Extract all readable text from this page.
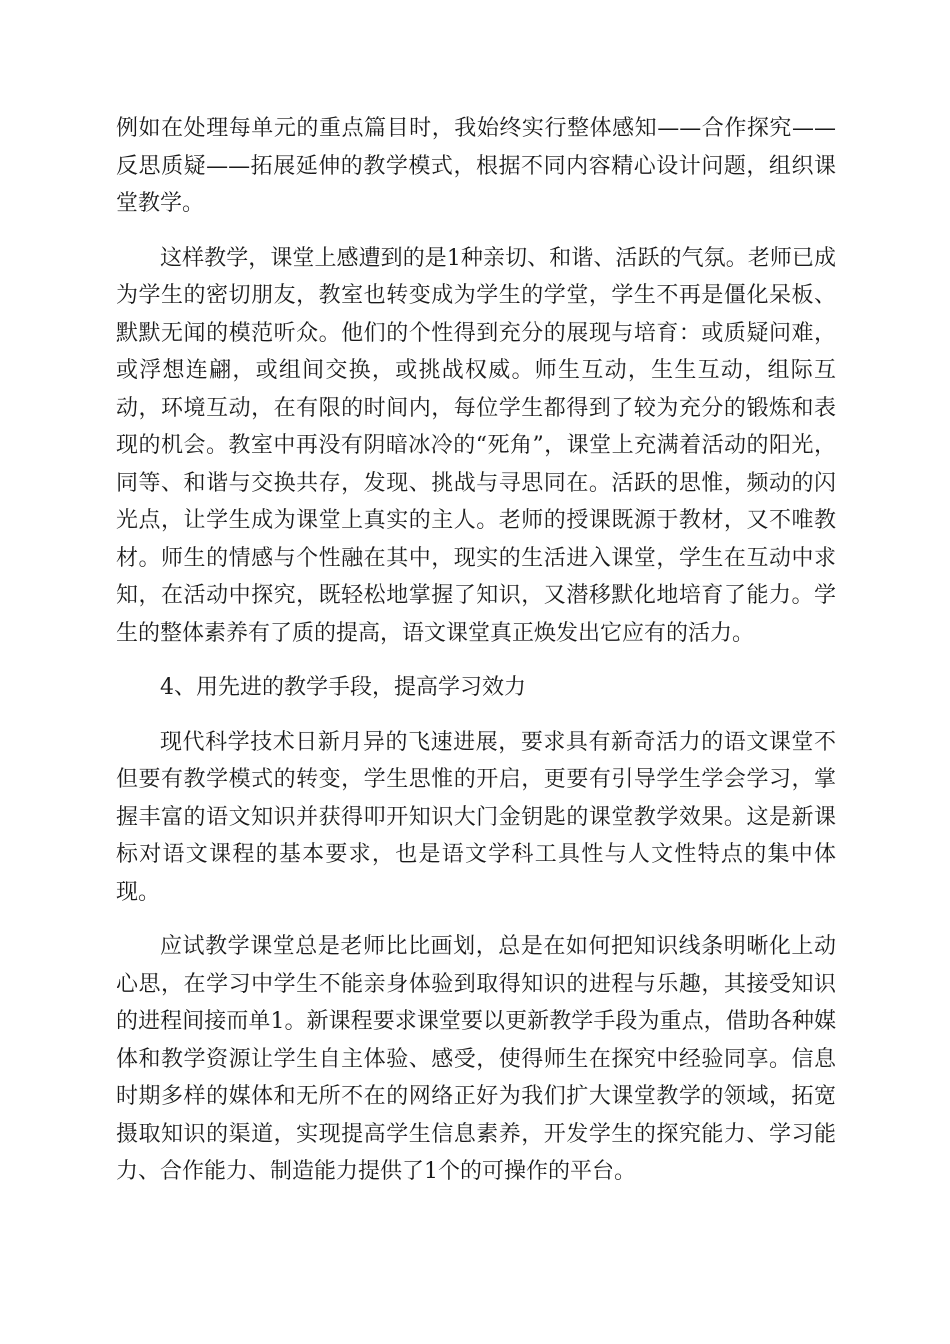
例如在处理每单元的重点篇目时，我始终实行整体感知——合作探究——反思质疑——拓展延伸的教学模式，根据不同内容精心设计问题，组织课堂教学。

这样教学，课堂上感遭到的是1种亲切、和谐、活跃的气氛。老师已成为学生的密切朋友，教室也转变成为学生的学堂，学生不再是僵化呆板、默默无闻的模范听众。他们的个性得到充分的展现与培育：或质疑问难，或浮想连翩，或组间交换，或挑战权威。师生互动，生生互动，组际互动，环境互动，在有限的时间内，每位学生都得到了较为充分的锻炼和表现的机会。教室中再没有阴暗冰冷的“死角”，课堂上充满着活动的阳光，同等、和谐与交换共存，发现、挑战与寻思同在。活跃的思惟，频动的闪光点，让学生成为课堂上真实的主人。老师的授课既源于教材，又不唯教材。师生的情感与个性融在其中，现实的生活进入课堂，学生在互动中求知，在活动中探究，既轻松地掌握了知识，又潜移默化地培育了能力。学生的整体素养有了质的提高，语文课堂真正焕发出它应有的活力。

4、用先进的教学手段，提高学习效力

现代科学技术日新月异的飞速进展，要求具有新奇活力的语文课堂不但要有教学模式的转变，学生思惟的开启，更要有引导学生学会学习，掌握丰富的语文知识并获得叩开知识大门金钥匙的课堂教学效果。这是新课标对语文课程的基本要求，也是语文学科工具性与人文性特点的集中体现。

应试教学课堂总是老师比比画划，总是在如何把知识线条明晰化上动心思，在学习中学生不能亲身体验到取得知识的进程与乐趣，其接受知识的进程间接而单1。新课程要求课堂要以更新教学手段为重点，借助各种媒体和教学资源让学生自主体验、感受，使得师生在探究中经验同享。信息时期多样的媒体和无所不在的网络正好为我们扩大课堂教学的领域，拓宽摄取知识的渠道，实现提高学生信息素养，开发学生的探究能力、学习能力、合作能力、制造能力提供了1个的可操作的平台。
